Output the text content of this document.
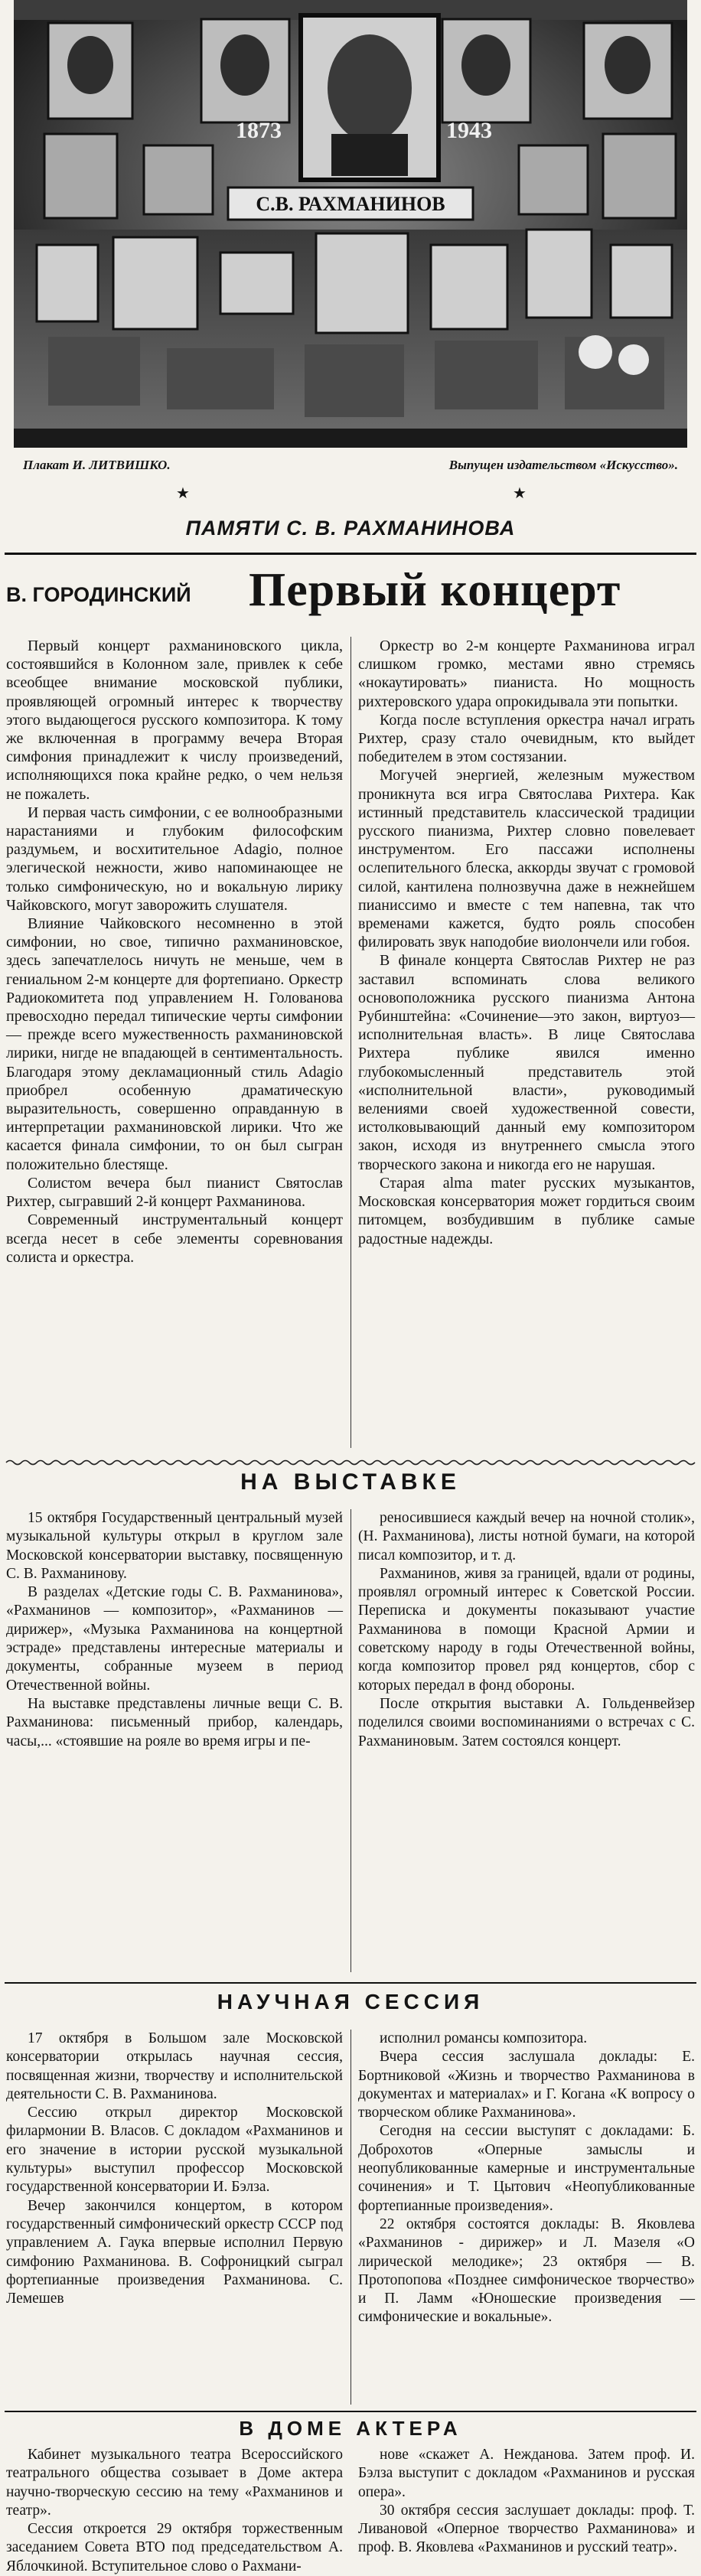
1873	1943
С.В. РАХМАНИНОВ
Плакат И. ЛИТВИШКО.	Выпущен издательством «Искусство».
★	★
ПАМЯТИ С. В. РАХМАНИНОВА
В. ГОРОДИНСКИЙ Первый концерт

Первый концерт рахманиновского цикла, состоявшийся в Колонном зале, привлек к себе всеобщее внимание московской публики, проявляющей огромный интерес к творчеству этого выдающегося русского композитора. К тому же включенная в программу вечера Вторая симфония принадлежит к числу произведений, исполняющихся пока крайне редко, о чем нельзя не пожалеть.

И первая часть симфонии, с ее волнообразными нарастаниями и глубоким философским раздумьем, и восхитительное Adagio, полное элегической нежности, живо напоминающее не только симфоническую, но и вокальную лирику Чайковского, могут заворожить слушателя.

Влияние Чайковского несомненно в этой симфонии, но свое, типично рахманиновское, здесь запечатлелось ничуть не меньше, чем в гениальном 2-м концерте для фортепиано. Оркестр Радиокомитета под управлением Н. Голованова превосходно передал типические черты симфонии — прежде всего мужественность рахманиновской лирики, нигде не впадающей в сентиментальность. Благодаря этому декламационный стиль Adagio приобрел особенную драматическую выразительность, совершенно оправданную в интерпретации рахманиновской лирики. Что же касается финала симфонии, то он был сыгран положительно блестяще.

Солистом вечера был пианист Святослав Рихтер, сыгравший 2-й концерт Рахманинова.

Современный инструментальный концерт всегда несет в себе элементы соревнования солиста и оркестра.

Оркестр во 2-м концерте Рахманинова играл слишком громко, местами явно стремясь «нокаутировать» пианиста. Но мощность рихтеровского удара опрокидывала эти попытки.

Когда после вступления оркестра начал играть Рихтер, сразу стало очевидным, кто выйдет победителем в этом состязании.

Могучей энергией, железным мужеством проникнута вся игра Святослава Рихтера. Как истинный представитель классической традиции русского пианизма, Рихтер словно повелевает инструментом. Его пассажи исполнены ослепительного блеска, аккорды звучат с громовой силой, кантилена полнозвучна даже в нежнейшем пианиссимо и вместе с тем напевна, так что временами кажется, будто рояль способен филировать звук наподобие виолончели или гобоя.

В финале концерта Святослав Рихтер не раз заставил вспоминать слова великого основоположника русского пианизма Антона Рубинштейна: «Сочинение—это закон, виртуоз—исполнительная власть». В лице Святослава Рихтера публике явился именно глубокомысленный представитель этой «исполнительной власти», руководимый велениями своей художественной совести, истолковывающий данный ему композитором закон, исходя из внутреннего смысла этого творческого закона и никогда его не нарушая.

Старая alma mater русских музыкантов, Московская консерватория может гордиться своим питомцем, возбудившим в публике самые радостные надежды.

НА ВЫСТАВКЕ

15 октября Государственный центральный музей музыкальной культуры открыл в круглом зале Московской консерватории выставку, посвященную С. В. Рахманинову.

В разделах «Детские годы С. В. Рахманинова», «Рахманинов — композитор», «Рахманинов — дирижер», «Музыка Рахманинова на концертной эстраде» представлены интересные материалы и документы, собранные музеем в период Отечественной войны.

На выставке представлены личные вещи С. В. Рахманинова: письменный прибор, календарь, часы,... «стоявшие на рояле во время игры и пе-

реносившиеся каждый вечер на ночной столик», (Н. Рахманинова), листы нотной бумаги, на которой писал композитор, и т. д.

Рахманинов, живя за границей, вдали от родины, проявлял огромный интерес к Советской России. Переписка и документы показывают участие Рахманинова в помощи Красной Армии и советскому народу в годы Отечественной войны, когда композитор провел ряд концертов, сбор с которых передал в фонд обороны.

После открытия выставки А. Гольденвейзер поделился своими воспоминаниями о встречах с С. Рахманиновым. Затем состоялся концерт.

НАУЧНАЯ СЕССИЯ

17 октября в Большом зале Московской консерватории открылась научная сессия, посвященная жизни, творчеству и исполнительской деятельности С. В. Рахманинова.

Сессию открыл директор Московской филармонии В. Власов. С докладом «Рахманинов и его значение в истории русской музыкальной культуры» выступил профессор Московской государственной консерватории И. Бэлза.

Вечер закончился концертом, в котором государственный симфонический оркестр СССР под управлением А. Гаука впервые исполнил Первую симфонию Рахманинова. В. Софроницкий сыграл фортепианные произведения Рахманинова. С. Лемешев

исполнил романсы композитора.

Вчера сессия заслушала доклады: Е. Бортниковой «Жизнь и творчество Рахманинова в документах и материалах» и Г. Когана «К вопросу о творческом облике Рахманинова».

Сегодня на сессии выступят с докладами: Б. Доброхотов «Оперные замыслы и неопубликованные камерные и инструментальные сочинения» и Т. Цытович «Неопубликованные фортепианные произведения».

22 октября состоятся доклады: В. Яковлева «Рахманинов - дирижер» и Л. Мазеля «О лирической мелодике»; 23 октября — В. Протопопова «Позднее симфоническое творчество» и П. Ламм «Юношеские произведения — симфонические и вокальные».

В ДОМЕ АКТЕРА

Кабинет музыкального театра Всероссийского театрального общества созывает в Доме актера научно-творческую сессию на тему «Рахманинов и театр».

Сессия откроется 29 октября торжественным заседанием Совета ВТО под председательством А. Яблочкиной. Вступительное слово о Рахмани-

нове «скажет А. Нежданова. Затем проф. И. Бэлза выступит с докладом «Рахманинов и русская опера».

30 октября сессия заслушает доклады: проф. Т. Ливановой «Оперное творчество Рахманинова» и проф. В. Яковлева «Рахманинов и русский театр».
